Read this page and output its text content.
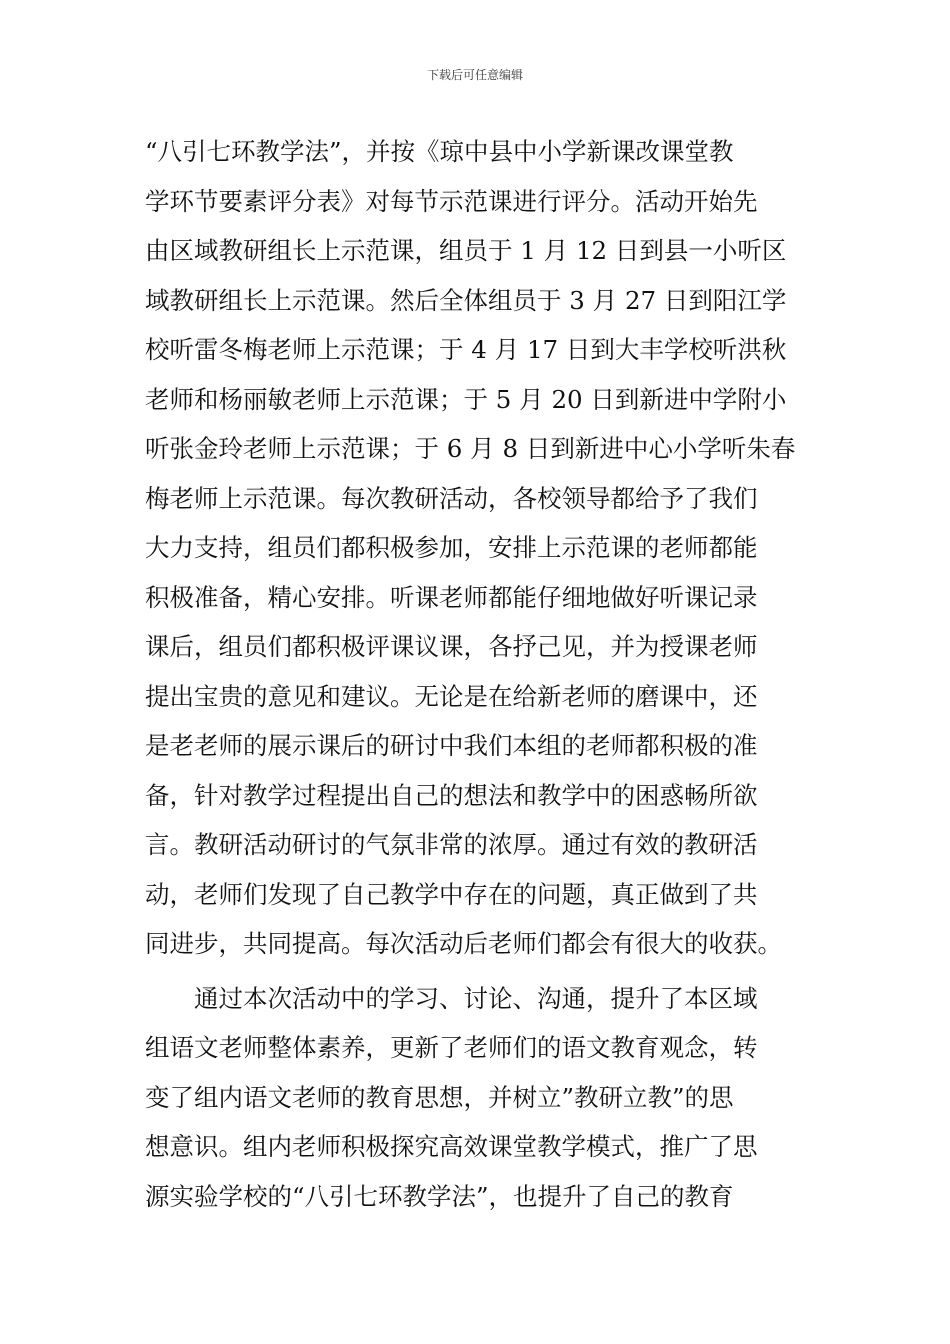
下载后可任意编辑
“八引七环教学法”，并按《琼中县中小学新课改课堂教
学环节要素评分表》对每节示范课进行评分。活动开始先
由区域教研组长上示范课，组员于 1 月 12 日到县一小听区
域教研组长上示范课。然后全体组员于 3 月 27 日到阳江学
校听雷冬梅老师上示范课；于 4 月 17 日到大丰学校听洪秋
老师和杨丽敏老师上示范课；于 5 月 20 日到新进中学附小
听张金玲老师上示范课；于 6 月 8 日到新进中心小学听朱春
梅老师上示范课。每次教研活动，各校领导都给予了我们
大力支持，组员们都积极参加，安排上示范课的老师都能
积极准备，精心安排。听课老师都能仔细地做好听课记录
课后，组员们都积极评课议课，各抒己见，并为授课老师
提出宝贵的意见和建议。无论是在给新老师的磨课中，还
是老老师的展示课后的研讨中我们本组的老师都积极的准
备，针对教学过程提出自己的想法和教学中的困惑畅所欲
言。教研活动研讨的气氛非常的浓厚。通过有效的教研活
动，老师们发现了自己教学中存在的问题，真正做到了共
同进步，共同提高。每次活动后老师们都会有很大的收获。
通过本次活动中的学习、讨论、沟通，提升了本区域
组语文老师整体素养，更新了老师们的语文教育观念，转
变了组内语文老师的教育思想，并树立”教研立教”的思
想意识。组内老师积极探究高效课堂教学模式，推广了思
源实验学校的“八引七环教学法”，也提升了自己的教育
